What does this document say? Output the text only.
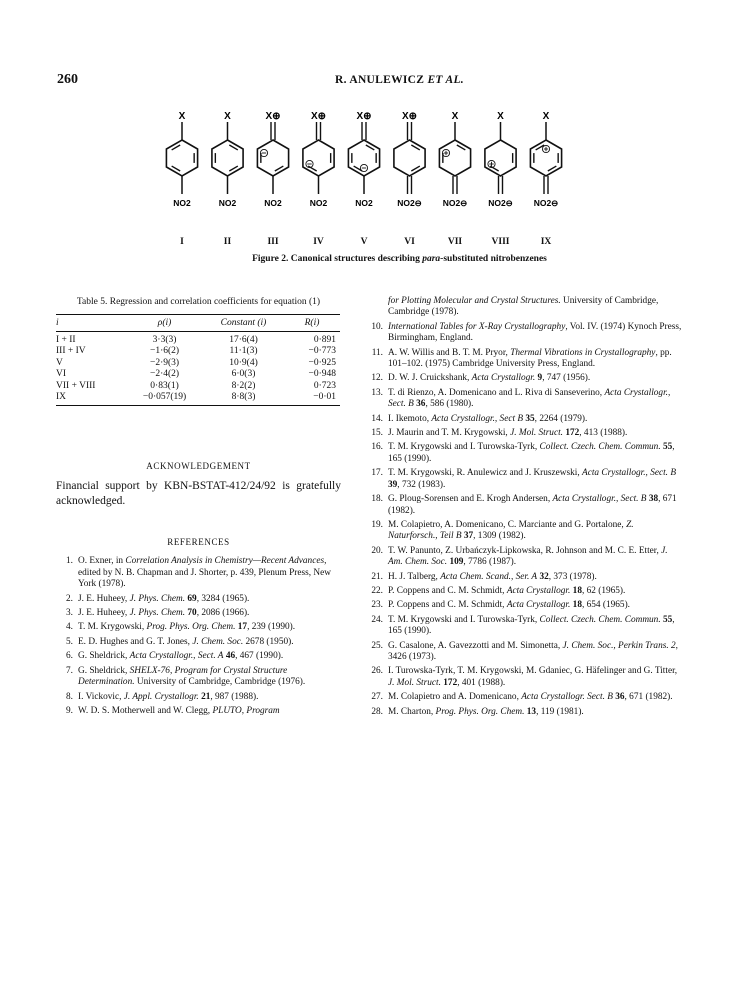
260	R. ANULEWICZ ET AL.
X
NO2
X
NO2
X⊕
NO2
X⊕
NO2
X⊕
NO2
X⊕
NO2⊖
X
NO2⊖
X
NO2⊖
X
NO2⊖
I	II	III	IV	V	VI	VII	VIII	IX
Figure 2. Canonical structures describing para-substituted nitrobenzenes
Table 5. Regression and correlation coefficients for equation (1)
i	ρ(i)	Constant (i)	R(i)
I + II	3·3(3)	17·6(4)	0·891
III + IV	−1·6(2)	11·1(3)	−0·773
V	−2·9(3)	10·9(4)	−0·925
VI	−2·4(2)	6·0(3)	−0·948
VII + VIII	0·83(1)	8·2(2)	0·723
IX	−0·057(19)	8·8(3)	−0·01
ACKNOWLEDGEMENT
Financial support by KBN-BSTAT-412/24/92 is gratefully acknowledged.
REFERENCES
1. O. Exner, in Correlation Analysis in Chemistry—Recent Advances, edited by N. B. Chapman and J. Shorter, p. 439, Plenum Press, New York (1978).
2. J. E. Huheey, J. Phys. Chem. 69, 3284 (1965).
3. J. E. Huheey, J. Phys. Chem. 70, 2086 (1966).
4. T. M. Krygowski, Prog. Phys. Org. Chem. 17, 239 (1990).
5. E. D. Hughes and G. T. Jones, J. Chem. Soc. 2678 (1950).
6. G. Sheldrick, Acta Crystallogr., Sect. A 46, 467 (1990).
7. G. Sheldrick, SHELX-76, Program for Crystal Structure Determination. University of Cambridge, Cambridge (1976).
8. I. Vickovic, J. Appl. Crystallogr. 21, 987 (1988).
9. W. D. S. Motherwell and W. Clegg, PLUTO, Program
for Plotting Molecular and Crystal Structures. University of Cambridge, Cambridge (1978).
10. International Tables for X-Ray Crystallography, Vol. IV. (1974) Kynoch Press, Birmingham, England.
11. A. W. Willis and B. T. M. Pryor, Thermal Vibrations in Crystallography, pp. 101–102. (1975) Cambridge University Press, England.
12. D. W. J. Cruickshank, Acta Crystallogr. 9, 747 (1956).
13. T. di Rienzo, A. Domenicano and L. Riva di Sanseverino, Acta Crystallogr., Sect. B 36, 586 (1980).
14. I. Ikemoto, Acta Crystallogr., Sect B 35, 2264 (1979).
15. J. Maurin and T. M. Krygowski, J. Mol. Struct. 172, 413 (1988).
16. T. M. Krygowski and I. Turowska-Tyrk, Collect. Czech. Chem. Commun. 55, 165 (1990).
17. T. M. Krygowski, R. Anulewicz and J. Kruszewski, Acta Crystallogr., Sect. B 39, 732 (1983).
18. G. Ploug-Sorensen and E. Krogh Andersen, Acta Crystallogr., Sect. B 38, 671 (1982).
19. M. Colapietro, A. Domenicano, C. Marciante and G. Portalone, Z. Naturforsch., Teil B 37, 1309 (1982).
20. T. W. Panunto, Z. Urbańczyk-Lipkowska, R. Johnson and M. C. E. Etter, J. Am. Chem. Soc. 109, 7786 (1987).
21. H. J. Talberg, Acta Chem. Scand., Ser. A 32, 373 (1978).
22. P. Coppens and C. M. Schmidt, Acta Crystallogr. 18, 62 (1965).
23. P. Coppens and C. M. Schmidt, Acta Crystallogr. 18, 654 (1965).
24. T. M. Krygowski and I. Turowska-Tyrk, Collect. Czech. Chem. Commun. 55, 165 (1990).
25. G. Casalone, A. Gavezzotti and M. Simonetta, J. Chem. Soc., Perkin Trans. 2, 3426 (1973).
26. I. Turowska-Tyrk, T. M. Krygowski, M. Gdaniec, G. Häfelinger and G. Titter, J. Mol. Struct. 172, 401 (1988).
27. M. Colapietro and A. Domenicano, Acta Crystallogr. Sect. B 36, 671 (1982).
28. M. Charton, Prog. Phys. Org. Chem. 13, 119 (1981).
